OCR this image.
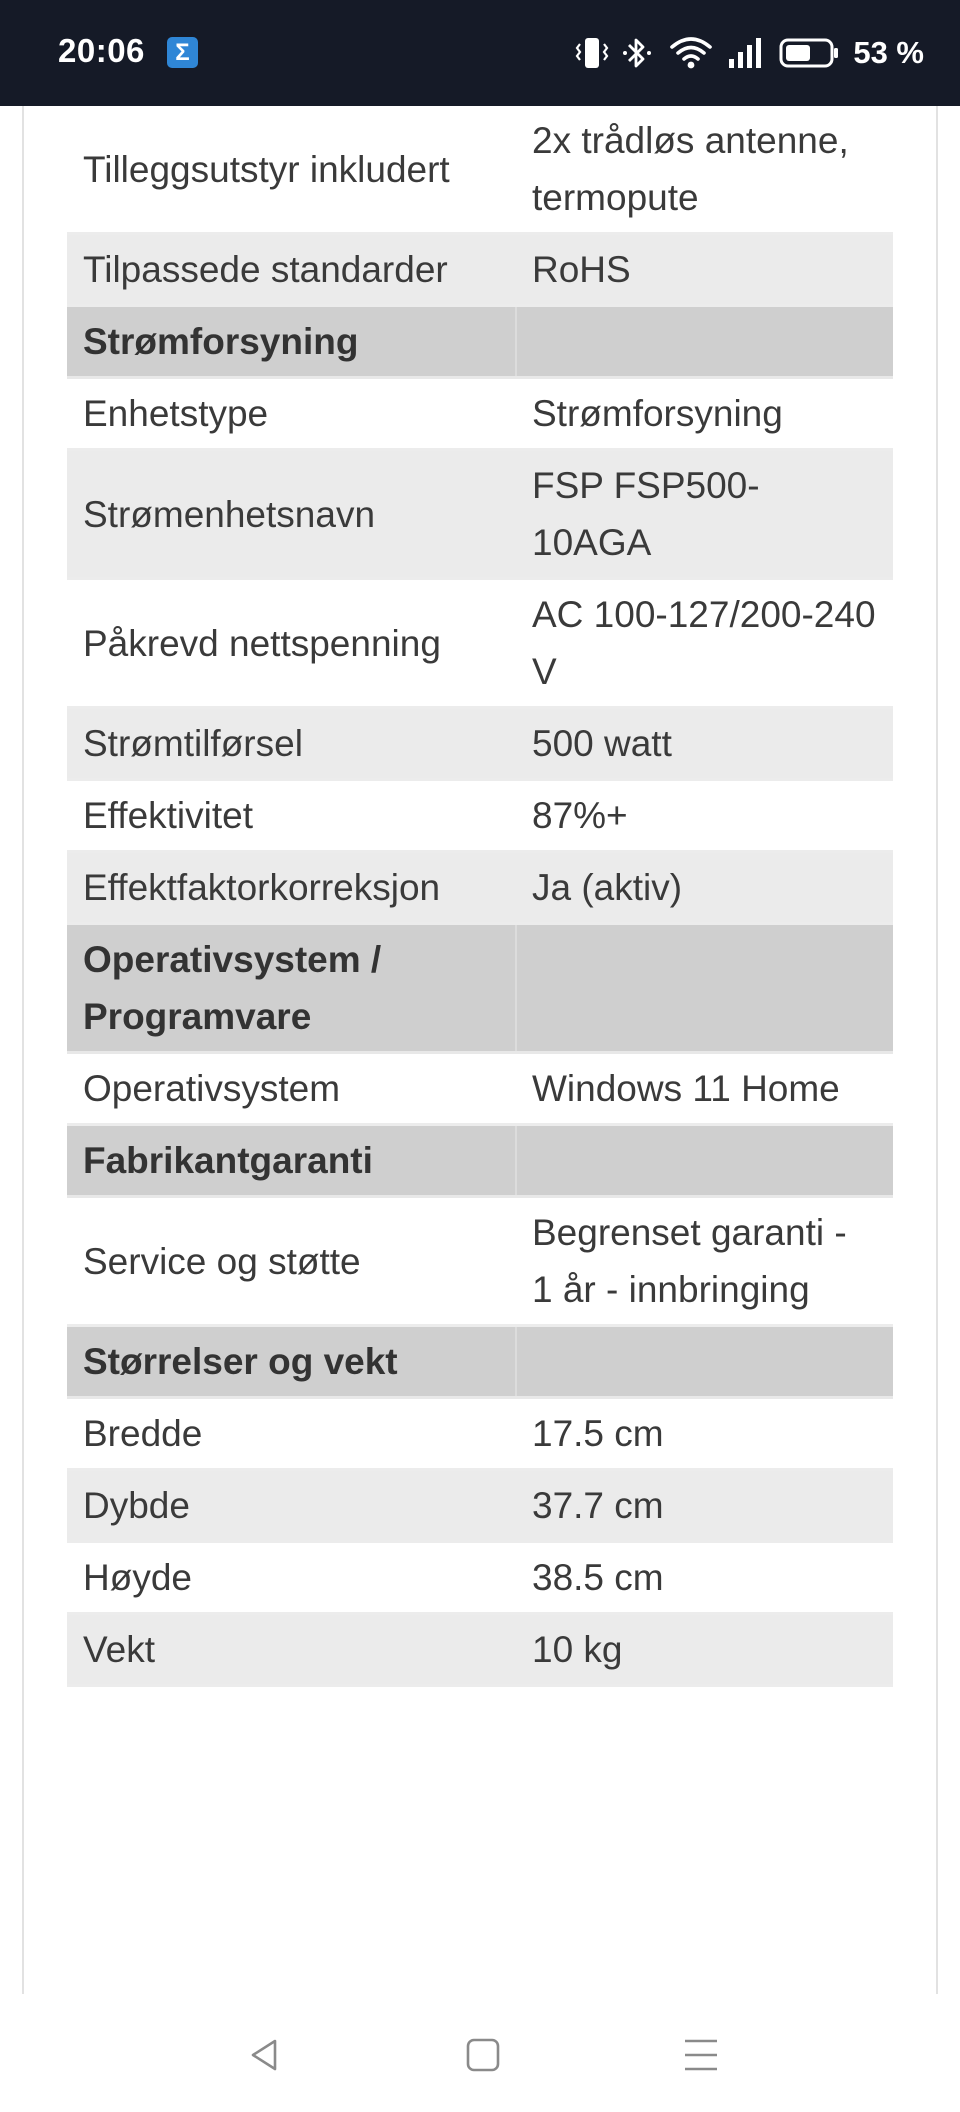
20:06	Σ	53 %
Tilleggsutstyr inkludert	2x trådløs antenne, termopute
Tilpassede standarder	RoHS
Strømforsyning	
Enhetstype	Strømforsyning
Strømenhetsnavn	FSP FSP500-10AGA
Påkrevd nettspenning	AC 100-127/200-240 V
Strømtilførsel	500 watt
Effektivitet	87%+
Effektfaktorkorreksjon	Ja (aktiv)
Operativsystem / Programvare	
Operativsystem	Windows 11 Home
Fabrikantgaranti	
Service og støtte	Begrenset garanti - 1 år - innbringing
Størrelser og vekt	
Bredde	17.5 cm
Dybde	37.7 cm
Høyde	38.5 cm
Vekt	10 kg
